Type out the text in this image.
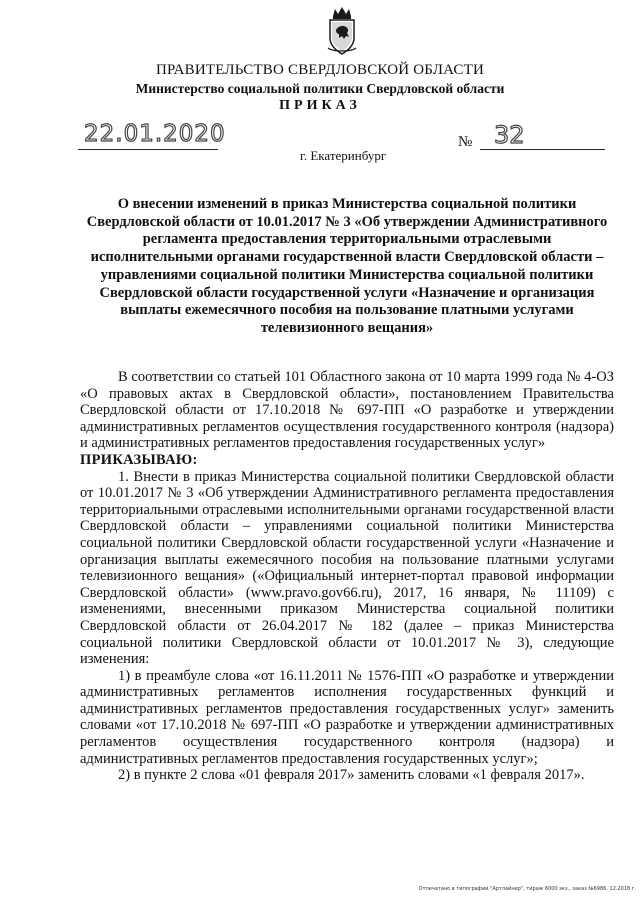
ПРАВИТЕЛЬСТВО СВЕРДЛОВСКОЙ ОБЛАСТИ
Министерство социальной политики Свердловской области
ПРИКАЗ
22.01.2020
г. Екатеринбург
№ 32
О внесении изменений в приказ Министерства социальной политики Свердловской области от 10.01.2017 № 3 «Об утверждении Административного регламента предоставления территориальными отраслевыми исполнительными органами государственной власти Свердловской области – управлениями социальной политики Министерства социальной политики Свердловской области государственной услуги «Назначение и организация выплаты ежемесячного пособия на пользование платными услугами телевизионного вещания»

В соответствии со статьей 101 Областного закона от 10 марта 1999 года № 4-ОЗ «О правовых актах в Свердловской области», постановлением Правительства Свердловской области от 17.10.2018 № 697-ПП «О разработке и утверждении административных регламентов осуществления государственного контроля (надзора) и административных регламентов предоставления государственных услуг»

ПРИКАЗЫВАЮ:

1. Внести в приказ Министерства социальной политики Свердловской области от 10.01.2017 № 3 «Об утверждении Административного регламента предоставления территориальными отраслевыми исполнительными органами государственной власти Свердловской области – управлениями социальной политики Министерства социальной политики Свердловской области государственной услуги «Назначение и организация выплаты ежемесячного пособия на пользование платными услугами телевизионного вещания» («Официальный интернет-портал правовой информации Свердловской области» (www.pravo.gov66.ru), 2017, 16 января, № 11109) с изменениями, внесенными приказом Министерства социальной политики Свердловской области от 26.04.2017 № 182 (далее – приказ Министерства социальной политики Свердловской области от 10.01.2017 № 3), следующие изменения:

1) в преамбуле слова «от 16.11.2011 № 1576-ПП «О разработке и утверждении административных регламентов исполнения государственных функций и административных регламентов предоставления государственных услуг» заменить словами «от 17.10.2018 № 697-ПП «О разработке и утверждении административных регламентов осуществления государственного контроля (надзора) и административных регламентов предоставления государственных услуг»;

2) в пункте 2 слова «01 февраля 2017» заменить словами «1 февраля 2017».

Отпечатано в типографии "Артлайнер", тираж 6000 экз., заказ №6986. 12.2018 г.
